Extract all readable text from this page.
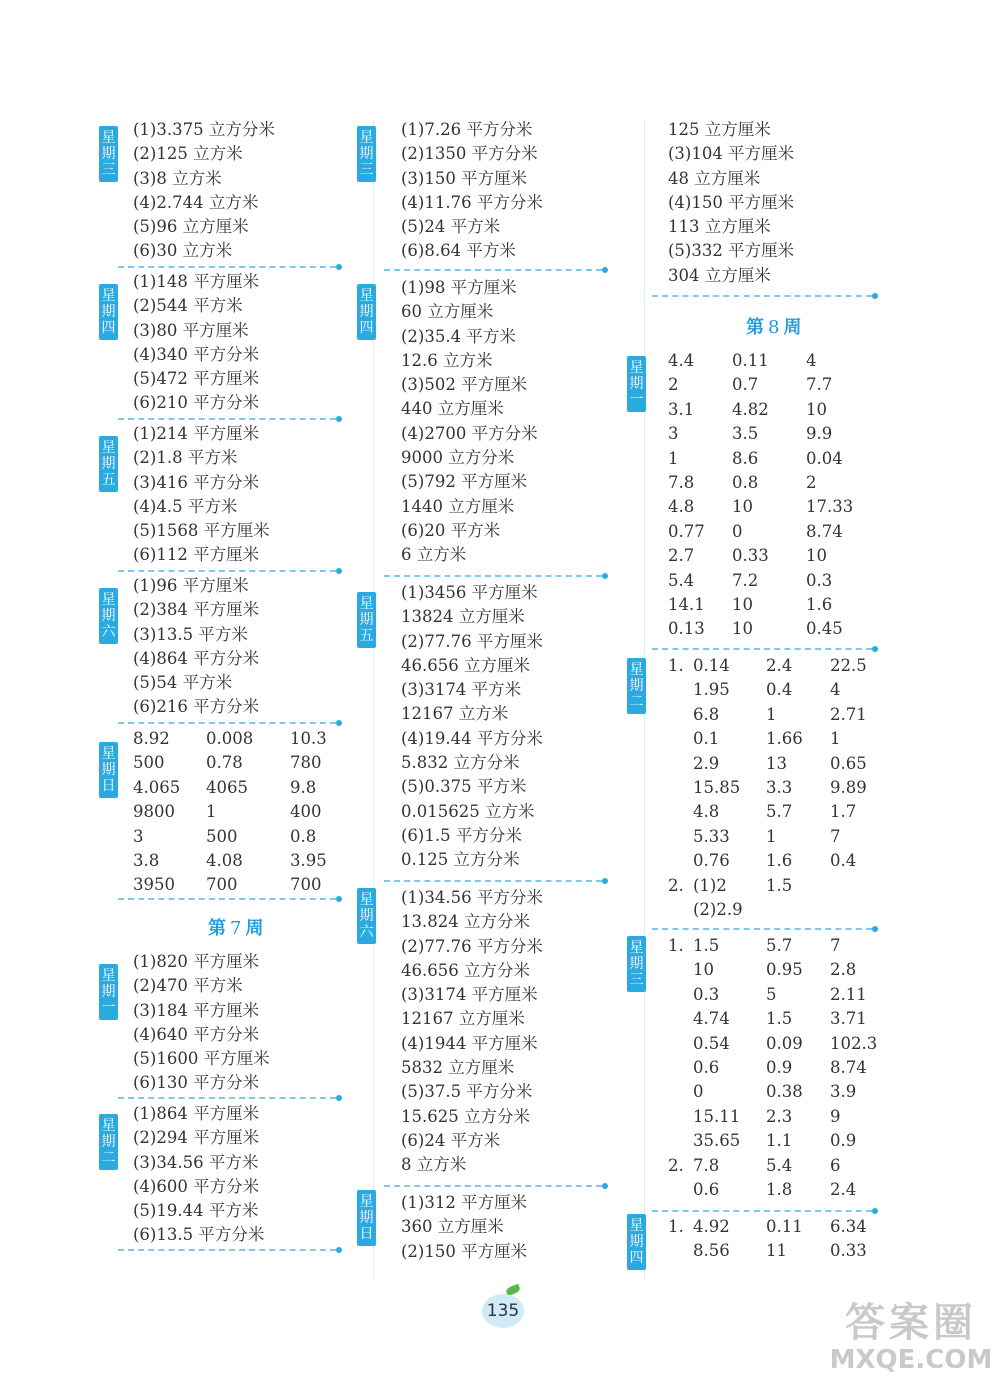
星
期
三
(1)3.375 立方分米
(2)125 立方米
(3)8 立方米
(4)2.744 立方米
(5)96 立方厘米
(6)30 立方米
星
期
四
(1)148 平方厘米
(2)544 平方米
(3)80 平方厘米
(4)340 平方分米
(5)472 平方厘米
(6)210 平方分米
星
期
五
(1)214 平方厘米
(2)1.8 平方米
(3)416 平方分米
(4)4.5 平方米
(5)1568 平方厘米
(6)112 平方厘米
星
期
六
(1)96 平方厘米
(2)384 平方厘米
(3)13.5 平方米
(4)864 平方分米
(5)54 平方米
(6)216 平方分米
星
期
日
8.92	0.008	10.3
500	0.78	780
4.065	4065	9.8
9800	1	400
3	500	0.8
3.8	4.08	3.95
3950	700	700
第 7 周
星
期
一
(1)820 平方厘米
(2)470 平方米
(3)184 平方厘米
(4)640 平方分米
(5)1600 平方厘米
(6)130 平方分米
星
期
二
(1)864 平方厘米
(2)294 平方厘米
(3)34.56 平方米
(4)600 平方分米
(5)19.44 平方米
(6)13.5 平方分米
星
期
三
(1)7.26 平方分米
(2)1350 平方分米
(3)150 平方厘米
(4)11.76 平方分米
(5)24 平方米
(6)8.64 平方米
星
期
四
(1)98 平方厘米
60 立方厘米
(2)35.4 平方米
12.6 立方米
(3)502 平方厘米
440 立方厘米
(4)2700 平方分米
9000 立方分米
(5)792 平方厘米
1440 立方厘米
(6)20 平方米
6 立方米
星
期
五
(1)3456 平方厘米
13824 立方厘米
(2)77.76 平方厘米
46.656 立方厘米
(3)3174 平方米
12167 立方米
(4)19.44 平方分米
5.832 立方分米
(5)0.375 平方米
0.015625 立方米
(6)1.5 平方分米
0.125 立方分米
星
期
六
(1)34.56 平方分米
13.824 立方分米
(2)77.76 平方分米
46.656 立方分米
(3)3174 平方厘米
12167 立方厘米
(4)1944 平方厘米
5832 立方厘米
(5)37.5 平方分米
15.625 立方分米
(6)24 平方米
8 立方米
星
期
日
(1)312 平方厘米
360 立方厘米
(2)150 平方厘米
125 立方厘米
(3)104 平方厘米
48 立方厘米
(4)150 平方厘米
113 立方厘米
(5)332 平方厘米
304 立方厘米
第 8 周
星
期
一
4.4	0.11	4
2	0.7	7.7
3.1	4.82	10
3	3.5	9.9
1	8.6	0.04
7.8	0.8	2
4.8	10	17.33
0.77	0	8.74
2.7	0.33	10
5.4	7.2	0.3
14.1	10	1.6
0.13	10	0.45
星
期
二
1. 0.14	2.4	22.5
1.95	0.4	4
6.8	1	2.71
0.1	1.66	1
2.9	13	0.65
15.85	3.3	9.89
4.8	5.7	1.7
5.33	1	7
0.76	1.6	0.4
2. (1)2	1.5
(2)2.9
星
期
三
1. 1.5	5.7	7
10	0.95	2.8
0.3	5	2.11
4.74	1.5	3.71
0.54	0.09	102.3
0.6	0.9	8.74
0	0.38	3.9
15.11	2.3	9
35.65	1.1	0.9
2. 7.8	5.4	6
0.6	1.8	2.4
星
期
四
1. 4.92	0.11	6.34
8.56	11	0.33
135	答案圈
MXQE.COM
